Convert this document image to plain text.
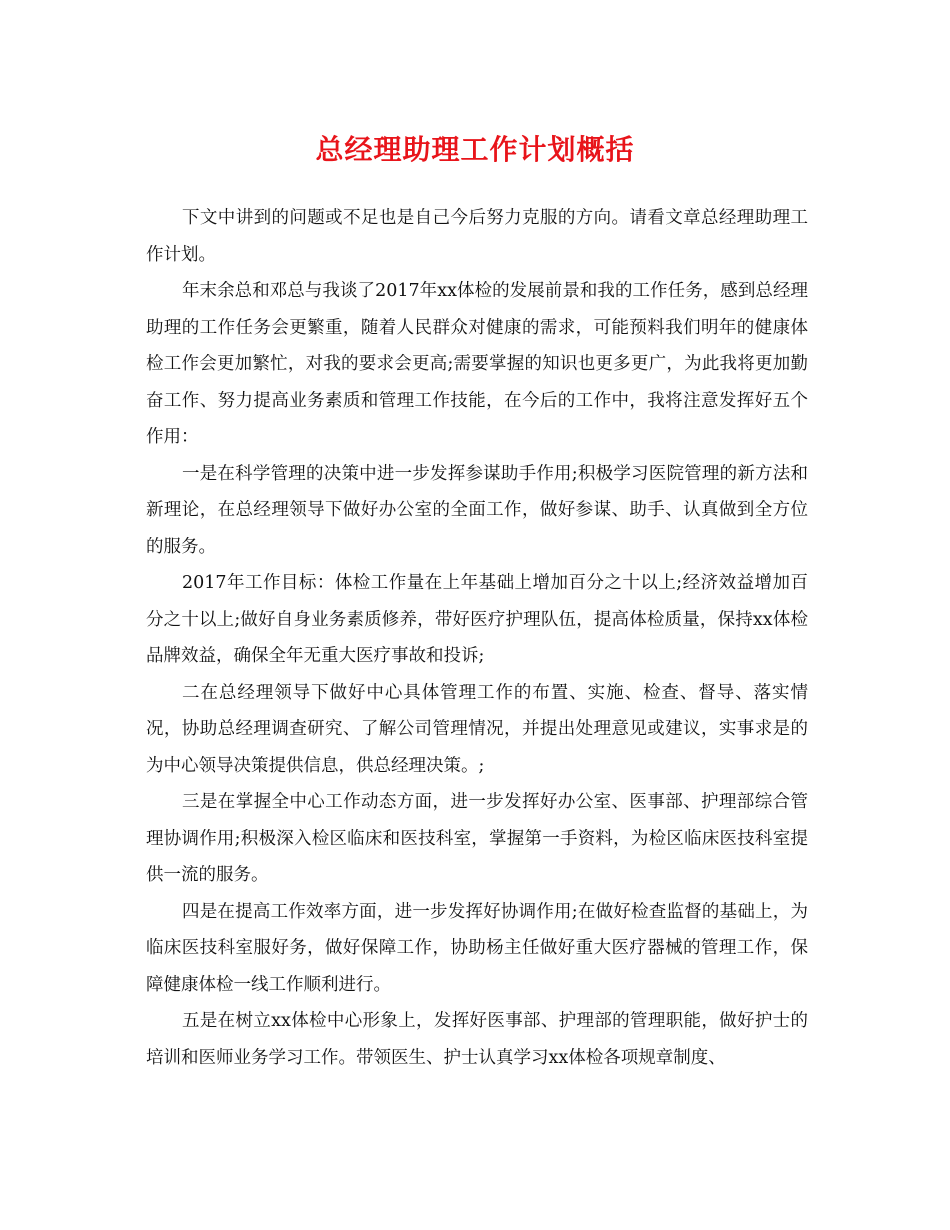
总经理助理工作计划概括

下文中讲到的问题或不足也是自己今后努力克服的方向。请看文章总经理助理工作计划。

年末余总和邓总与我谈了2017年xx体检的发展前景和我的工作任务，感到总经理助理的工作任务会更繁重，随着人民群众对健康的需求，可能预料我们明年的健康体检工作会更加繁忙，对我的要求会更高;需要掌握的知识也更多更广，为此我将更加勤奋工作、努力提高业务素质和管理工作技能，在今后的工作中，我将注意发挥好五个作用：

一是在科学管理的决策中进一步发挥参谋助手作用;积极学习医院管理的新方法和新理论，在总经理领导下做好办公室的全面工作，做好参谋、助手、认真做到全方位的服务。

2017年工作目标：体检工作量在上年基础上增加百分之十以上;经济效益增加百分之十以上;做好自身业务素质修养，带好医疗护理队伍，提高体检质量，保持xx体检品牌效益，确保全年无重大医疗事故和投诉;

二在总经理领导下做好中心具体管理工作的布置、实施、检查、督导、落实情况，协助总经理调查研究、了解公司管理情况，并提出处理意见或建议，实事求是的为中心领导决策提供信息，供总经理决策。;

三是在掌握全中心工作动态方面，进一步发挥好办公室、医事部、护理部综合管理协调作用;积极深入检区临床和医技科室，掌握第一手资料，为检区临床医技科室提供一流的服务。

四是在提高工作效率方面，进一步发挥好协调作用;在做好检查监督的基础上，为临床医技科室服好务，做好保障工作，协助杨主任做好重大医疗器械的管理工作，保障健康体检一线工作顺利进行。

五是在树立xx体检中心形象上，发挥好医事部、护理部的管理职能，做好护士的培训和医师业务学习工作。带领医生、护士认真学习xx体检各项规章制度、
